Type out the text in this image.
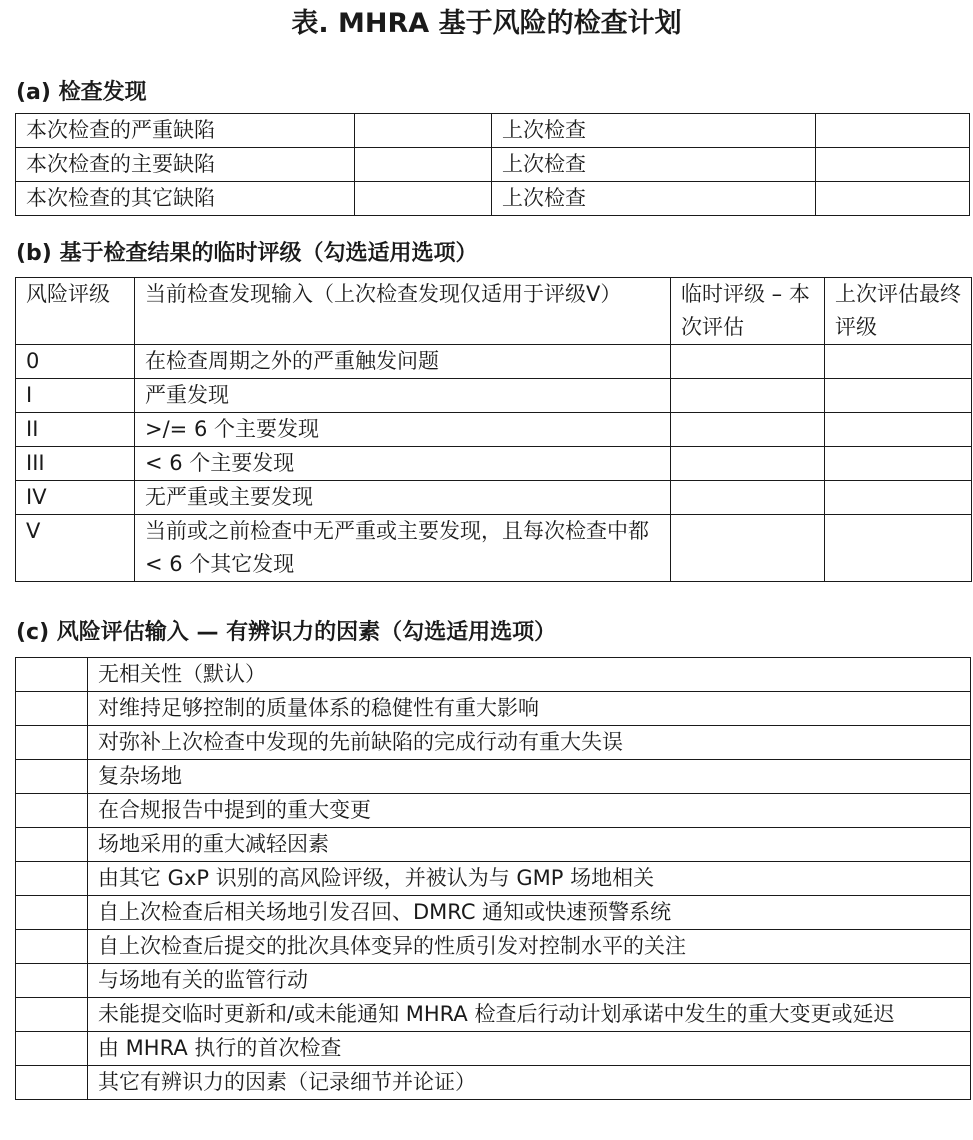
表. MHRA 基于风险的检查计划
(a) 检查发现
本次检查的严重缺陷		上次检查	
本次检查的主要缺陷		上次检查	
本次检查的其它缺陷		上次检查	
(b) 基于检查结果的临时评级（勾选适用选项）
风险评级	当前检查发现输入（上次检查发现仅适用于评级V）	临时评级 – 本次评估	上次评估最终评级
0	在检查周期之外的严重触发问题		
I	严重发现		
II	>/= 6 个主要发现		
III	< 6 个主要发现		
IV	无严重或主要发现		
V	当前或之前检查中无严重或主要发现，且每次检查中都 < 6 个其它发现		
(c) 风险评估输入 — 有辨识力的因素（勾选适用选项）
	无相关性（默认）
	对维持足够控制的质量体系的稳健性有重大影响
	对弥补上次检查中发现的先前缺陷的完成行动有重大失误
	复杂场地
	在合规报告中提到的重大变更
	场地采用的重大减轻因素
	由其它 GxP 识别的高风险评级，并被认为与 GMP 场地相关
	自上次检查后相关场地引发召回、DMRC 通知或快速预警系统
	自上次检查后提交的批次具体变异的性质引发对控制水平的关注
	与场地有关的监管行动
	未能提交临时更新和/或未能通知 MHRA 检查后行动计划承诺中发生的重大变更或延迟
	由 MHRA 执行的首次检查
	其它有辨识力的因素（记录细节并论证）
